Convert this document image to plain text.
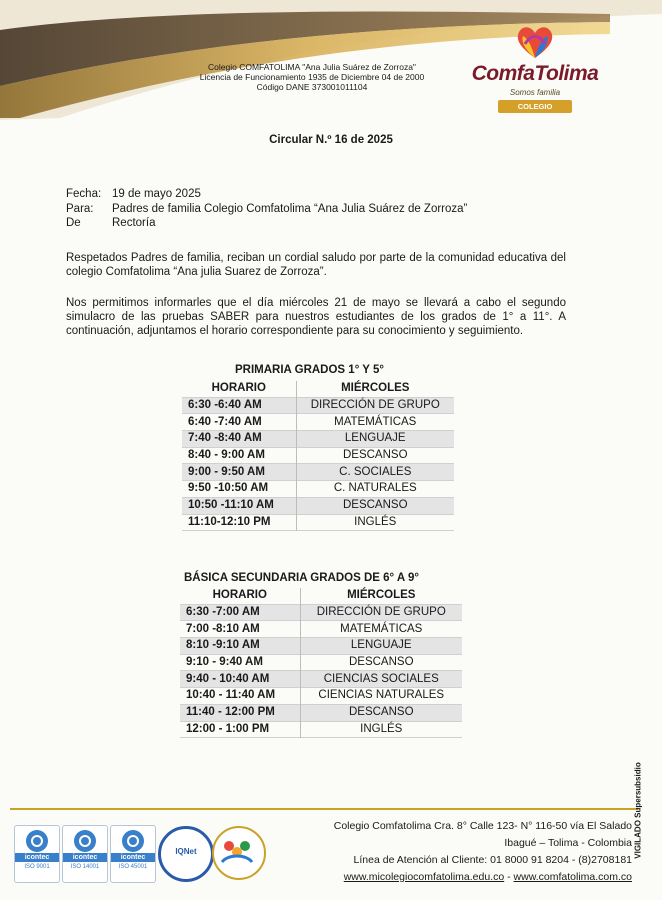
Colegio COMFATOLIMA "Ana Julia Suárez de Zorroza"
Licencia de Funcionamiento 1935 de Diciembre 04 de 2000
Código DANE 373001011104
ComfaTolima
Somos familia
COLEGIO
Circular N.º 16 de 2025
Fecha: 19 de mayo 2025
Para:	Padres de familia Colegio Comfatolima “Ana Julia Suárez de Zorroza”
De	Rectoría
Respetados Padres de familia, reciban un cordial saludo por parte de la comunidad educativa del colegio Comfatolima “Ana julia Suarez de Zorroza”.
Nos permitimos informarles que el día miércoles 21 de mayo se llevará a cabo el segundo simulacro de las pruebas SABER para nuestros estudiantes de los grados de 1° a 11°. A continuación, adjuntamos el horario correspondiente para su conocimiento y seguimiento.
PRIMARIA GRADOS 1° Y 5°
HORARIO	MIÉRCOLES
6:30 -6:40 AM	DIRECCIÓN DE GRUPO
6:40 -7:40 AM	MATEMÁTICAS
7:40 -8:40 AM	LENGUAJE
8:40 - 9:00 AM	DESCANSO
9:00 - 9:50 AM	C. SOCIALES
9:50 -10:50 AM	C. NATURALES
10:50 -11:10 AM	DESCANSO
11:10-12:10 PM	INGLÉS
BÁSICA SECUNDARIA GRADOS DE 6° A 9°
HORARIO	MIÉRCOLES
6:30 -7:00 AM	DIRECCIÓN DE GRUPO
7:00 -8:10 AM	MATEMÁTICAS
8:10 -9:10 AM	LENGUAJE
9:10 - 9:40 AM	DESCANSO
9:40 - 10:40 AM	CIENCIAS SOCIALES
10:40 - 11:40 AM	CIENCIAS NATURALES
11:40 - 12:00 PM	DESCANSO
12:00 - 1:00 PM	INGLÉS
icontec
ISO 9001
icontec
ISO 14001
icontec
ISO 45001
IQNet
Colegio Comfatolima Cra. 8° Calle 123- N° 116-50 vía El Salado
Ibagué – Tolima - Colombia
Línea de Atención al Cliente: 01 8000 91 8204 - (8)2708181
www.micolegiocomfatolima.edu.co - www.comfatolima.com.co
VIGILADO Supersubsidio
